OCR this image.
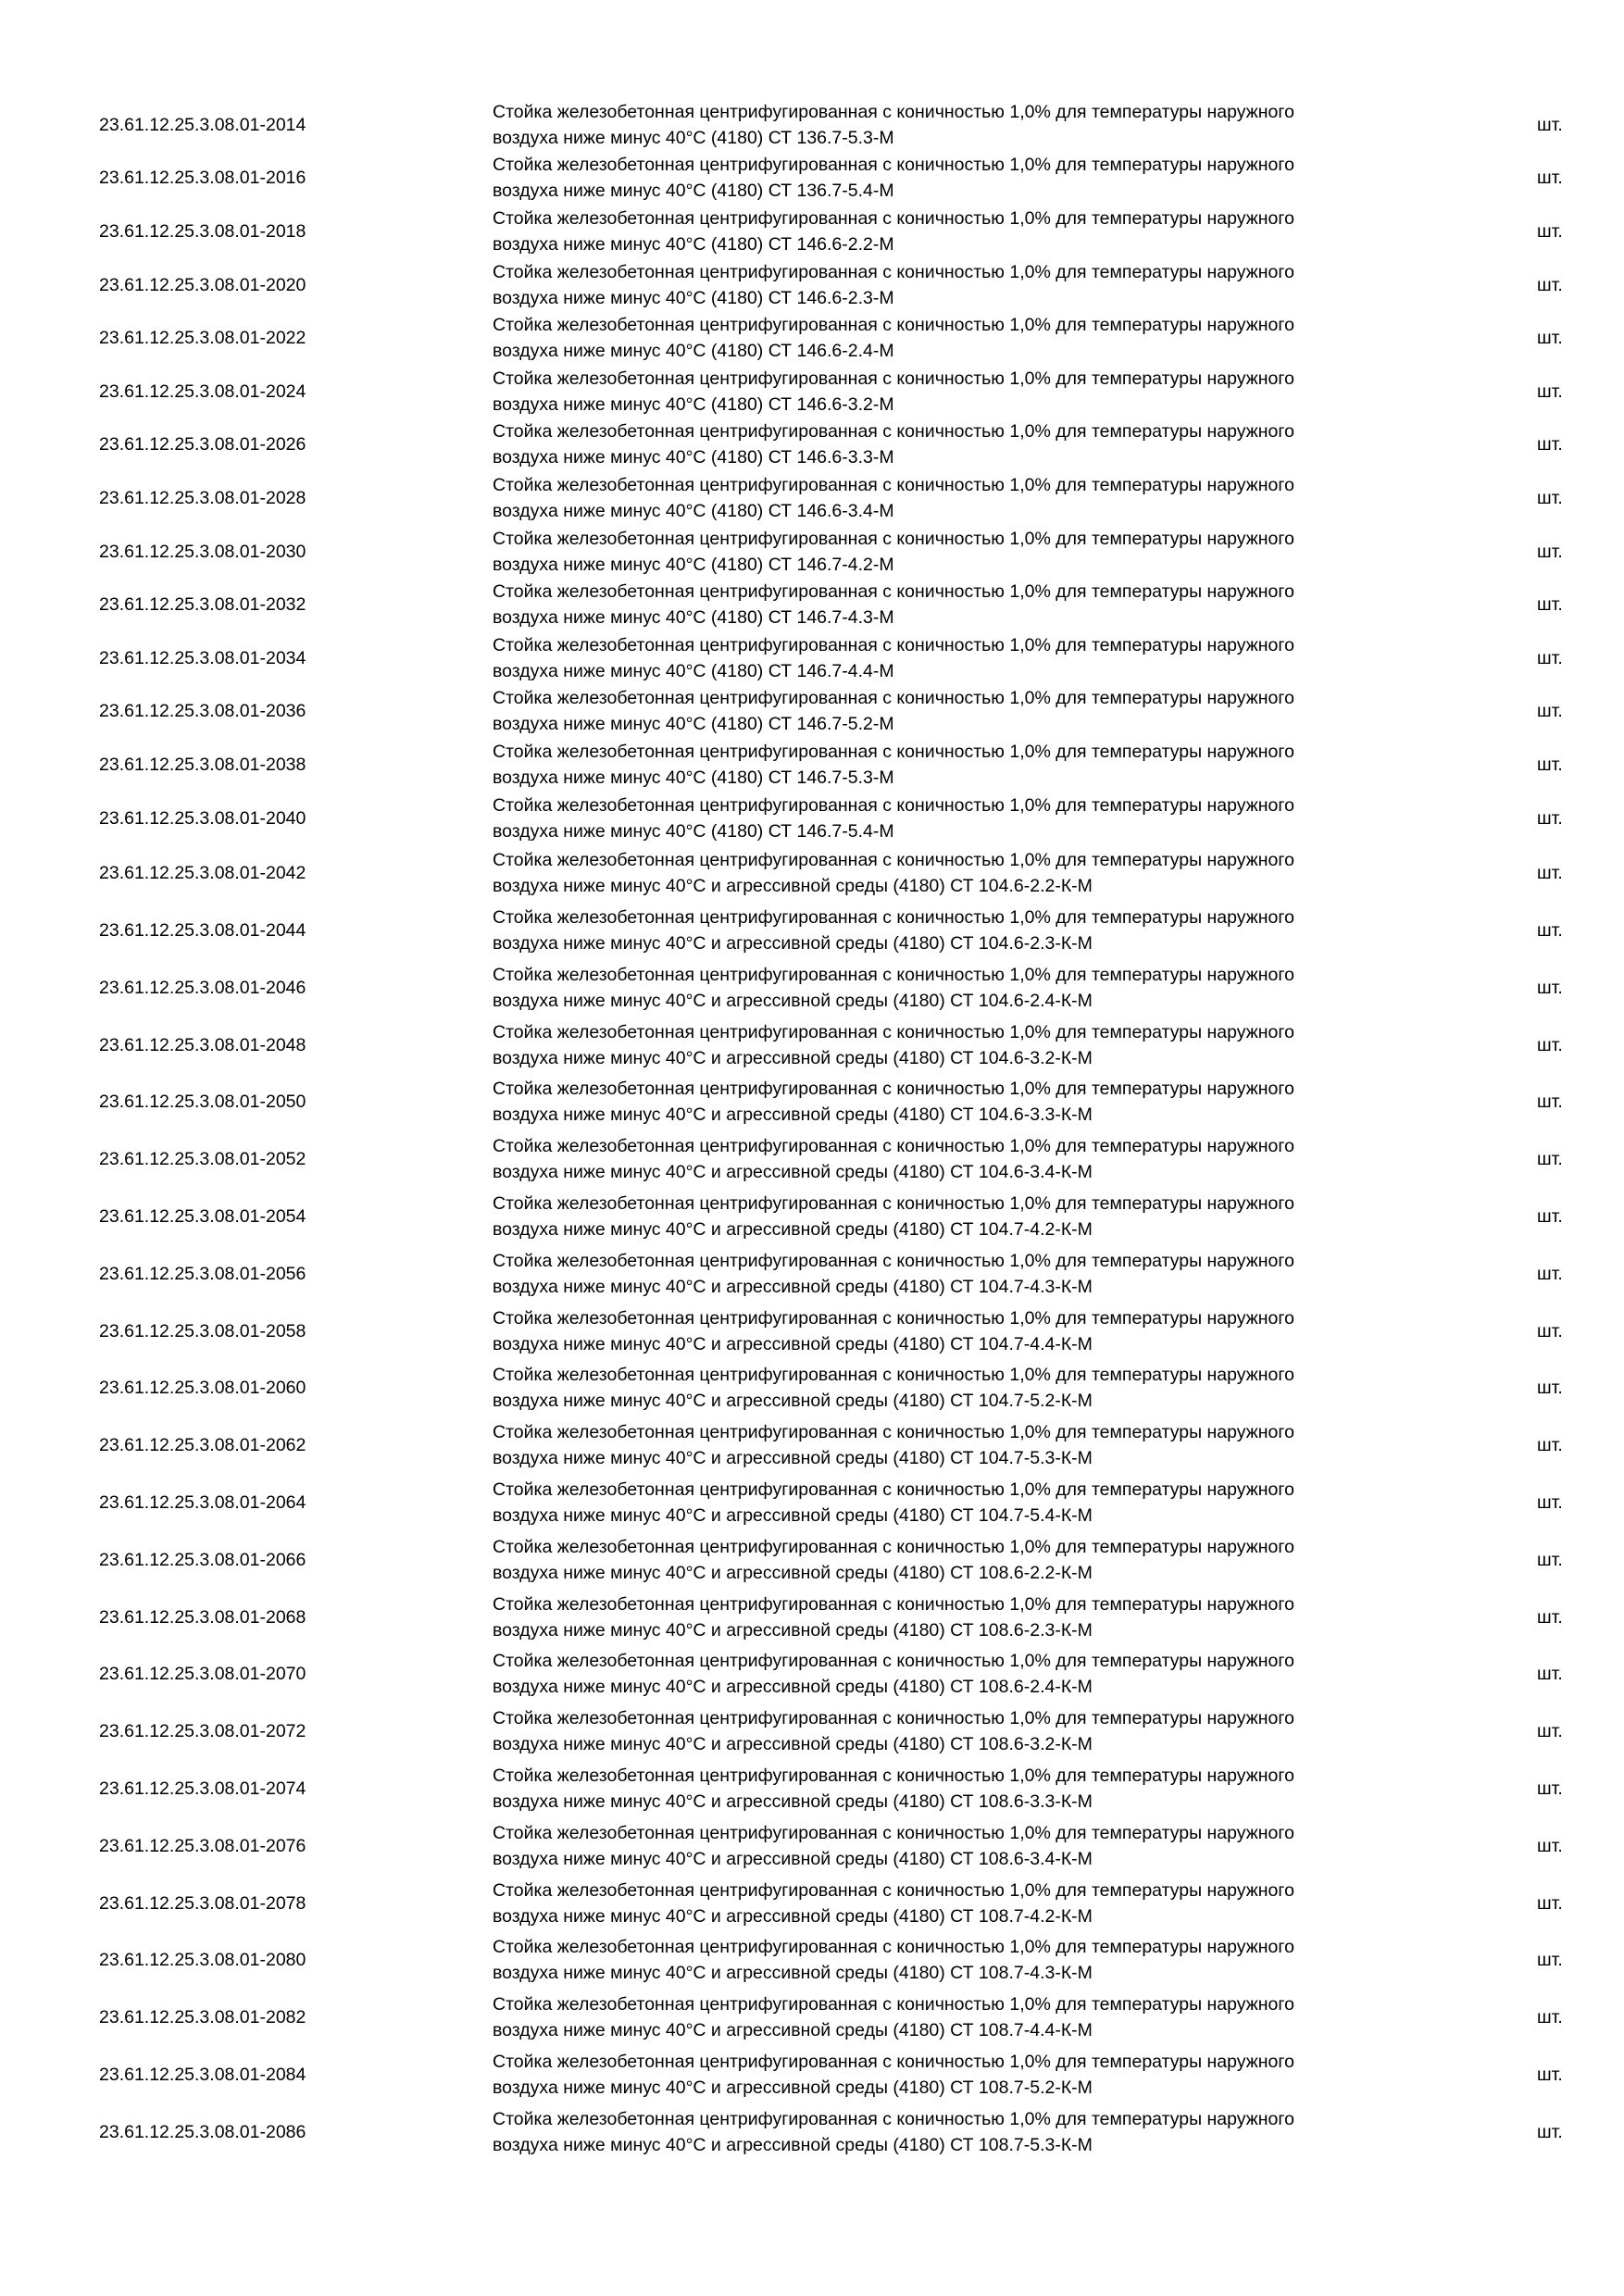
23.61.12.25.3.08.01-2014
Стойка железобетонная центрифугированная с коничностью 1,0% для температуры наружного
воздуха ниже минус 40°С (4180) СТ 136.7-5.3-М
шт.
23.61.12.25.3.08.01-2016
Стойка железобетонная центрифугированная с коничностью 1,0% для температуры наружного
воздуха ниже минус 40°С (4180) СТ 136.7-5.4-М
шт.
23.61.12.25.3.08.01-2018
Стойка железобетонная центрифугированная с коничностью 1,0% для температуры наружного
воздуха ниже минус 40°С (4180) СТ 146.6-2.2-М
шт.
23.61.12.25.3.08.01-2020
Стойка железобетонная центрифугированная с коничностью 1,0% для температуры наружного
воздуха ниже минус 40°С (4180) СТ 146.6-2.3-М
шт.
23.61.12.25.3.08.01-2022
Стойка железобетонная центрифугированная с коничностью 1,0% для температуры наружного
воздуха ниже минус 40°С (4180) СТ 146.6-2.4-М
шт.
23.61.12.25.3.08.01-2024
Стойка железобетонная центрифугированная с коничностью 1,0% для температуры наружного
воздуха ниже минус 40°С (4180) СТ 146.6-3.2-М
шт.
23.61.12.25.3.08.01-2026
Стойка железобетонная центрифугированная с коничностью 1,0% для температуры наружного
воздуха ниже минус 40°С (4180) СТ 146.6-3.3-М
шт.
23.61.12.25.3.08.01-2028
Стойка железобетонная центрифугированная с коничностью 1,0% для температуры наружного
воздуха ниже минус 40°С (4180) СТ 146.6-3.4-М
шт.
23.61.12.25.3.08.01-2030
Стойка железобетонная центрифугированная с коничностью 1,0% для температуры наружного
воздуха ниже минус 40°С (4180) СТ 146.7-4.2-М
шт.
23.61.12.25.3.08.01-2032
Стойка железобетонная центрифугированная с коничностью 1,0% для температуры наружного
воздуха ниже минус 40°С (4180) СТ 146.7-4.3-М
шт.
23.61.12.25.3.08.01-2034
Стойка железобетонная центрифугированная с коничностью 1,0% для температуры наружного
воздуха ниже минус 40°С (4180) СТ 146.7-4.4-М
шт.
23.61.12.25.3.08.01-2036
Стойка железобетонная центрифугированная с коничностью 1,0% для температуры наружного
воздуха ниже минус 40°С (4180) СТ 146.7-5.2-М
шт.
23.61.12.25.3.08.01-2038
Стойка железобетонная центрифугированная с коничностью 1,0% для температуры наружного
воздуха ниже минус 40°С (4180) СТ 146.7-5.3-М
шт.
23.61.12.25.3.08.01-2040
Стойка железобетонная центрифугированная с коничностью 1,0% для температуры наружного
воздуха ниже минус 40°С (4180) СТ 146.7-5.4-М
шт.
23.61.12.25.3.08.01-2042
Стойка железобетонная центрифугированная с коничностью 1,0% для температуры наружного
воздуха ниже минус 40°С и агрессивной среды (4180) СТ 104.6-2.2-К-М
шт.
23.61.12.25.3.08.01-2044
Стойка железобетонная центрифугированная с коничностью 1,0% для температуры наружного
воздуха ниже минус 40°С и агрессивной среды (4180) СТ 104.6-2.3-К-М
шт.
23.61.12.25.3.08.01-2046
Стойка железобетонная центрифугированная с коничностью 1,0% для температуры наружного
воздуха ниже минус 40°С и агрессивной среды (4180) СТ 104.6-2.4-К-М
шт.
23.61.12.25.3.08.01-2048
Стойка железобетонная центрифугированная с коничностью 1,0% для температуры наружного
воздуха ниже минус 40°С и агрессивной среды (4180) СТ 104.6-3.2-К-М
шт.
23.61.12.25.3.08.01-2050
Стойка железобетонная центрифугированная с коничностью 1,0% для температуры наружного
воздуха ниже минус 40°С и агрессивной среды (4180) СТ 104.6-3.3-К-М
шт.
23.61.12.25.3.08.01-2052
Стойка железобетонная центрифугированная с коничностью 1,0% для температуры наружного
воздуха ниже минус 40°С и агрессивной среды (4180) СТ 104.6-3.4-К-М
шт.
23.61.12.25.3.08.01-2054
Стойка железобетонная центрифугированная с коничностью 1,0% для температуры наружного
воздуха ниже минус 40°С и агрессивной среды (4180) СТ 104.7-4.2-К-М
шт.
23.61.12.25.3.08.01-2056
Стойка железобетонная центрифугированная с коничностью 1,0% для температуры наружного
воздуха ниже минус 40°С и агрессивной среды (4180) СТ 104.7-4.3-К-М
шт.
23.61.12.25.3.08.01-2058
Стойка железобетонная центрифугированная с коничностью 1,0% для температуры наружного
воздуха ниже минус 40°С и агрессивной среды (4180) СТ 104.7-4.4-К-М
шт.
23.61.12.25.3.08.01-2060
Стойка железобетонная центрифугированная с коничностью 1,0% для температуры наружного
воздуха ниже минус 40°С и агрессивной среды (4180) СТ 104.7-5.2-К-М
шт.
23.61.12.25.3.08.01-2062
Стойка железобетонная центрифугированная с коничностью 1,0% для температуры наружного
воздуха ниже минус 40°С и агрессивной среды (4180) СТ 104.7-5.3-К-М
шт.
23.61.12.25.3.08.01-2064
Стойка железобетонная центрифугированная с коничностью 1,0% для температуры наружного
воздуха ниже минус 40°С и агрессивной среды (4180) СТ 104.7-5.4-К-М
шт.
23.61.12.25.3.08.01-2066
Стойка железобетонная центрифугированная с коничностью 1,0% для температуры наружного
воздуха ниже минус 40°С и агрессивной среды (4180) СТ 108.6-2.2-К-М
шт.
23.61.12.25.3.08.01-2068
Стойка железобетонная центрифугированная с коничностью 1,0% для температуры наружного
воздуха ниже минус 40°С и агрессивной среды (4180) СТ 108.6-2.3-К-М
шт.
23.61.12.25.3.08.01-2070
Стойка железобетонная центрифугированная с коничностью 1,0% для температуры наружного
воздуха ниже минус 40°С и агрессивной среды (4180) СТ 108.6-2.4-К-М
шт.
23.61.12.25.3.08.01-2072
Стойка железобетонная центрифугированная с коничностью 1,0% для температуры наружного
воздуха ниже минус 40°С и агрессивной среды (4180) СТ 108.6-3.2-К-М
шт.
23.61.12.25.3.08.01-2074
Стойка железобетонная центрифугированная с коничностью 1,0% для температуры наружного
воздуха ниже минус 40°С и агрессивной среды (4180) СТ 108.6-3.3-К-М
шт.
23.61.12.25.3.08.01-2076
Стойка железобетонная центрифугированная с коничностью 1,0% для температуры наружного
воздуха ниже минус 40°С и агрессивной среды (4180) СТ 108.6-3.4-К-М
шт.
23.61.12.25.3.08.01-2078
Стойка железобетонная центрифугированная с коничностью 1,0% для температуры наружного
воздуха ниже минус 40°С и агрессивной среды (4180) СТ 108.7-4.2-К-М
шт.
23.61.12.25.3.08.01-2080
Стойка железобетонная центрифугированная с коничностью 1,0% для температуры наружного
воздуха ниже минус 40°С и агрессивной среды (4180) СТ 108.7-4.3-К-М
шт.
23.61.12.25.3.08.01-2082
Стойка железобетонная центрифугированная с коничностью 1,0% для температуры наружного
воздуха ниже минус 40°С и агрессивной среды (4180) СТ 108.7-4.4-К-М
шт.
23.61.12.25.3.08.01-2084
Стойка железобетонная центрифугированная с коничностью 1,0% для температуры наружного
воздуха ниже минус 40°С и агрессивной среды (4180) СТ 108.7-5.2-К-М
шт.
23.61.12.25.3.08.01-2086
Стойка железобетонная центрифугированная с коничностью 1,0% для температуры наружного
воздуха ниже минус 40°С и агрессивной среды (4180) СТ 108.7-5.3-К-М
шт.
